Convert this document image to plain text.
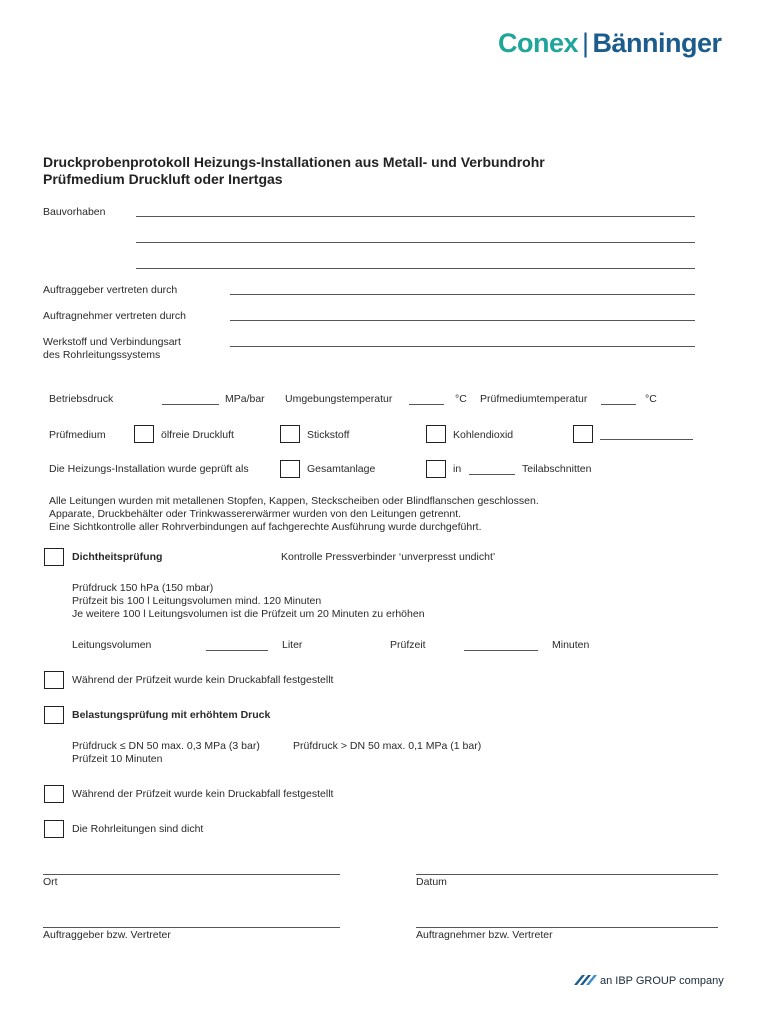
Conex | Bänninger
Druckprobenprotokoll Heizungs-Installationen aus Metall- und Verbundrohr
Prüfmedium Druckluft oder Inertgas
Bauvorhaben
Auftraggeber vertreten durch
Auftragnehmer vertreten durch
Werkstoff und Verbindungsart
des Rohrleitungssystems
Betriebsdruck	MPa/bar Umgebungstemperatur	°C Prüfmediumtemperatur	°C
Prüfmedium	ölfreie Druckluft	Stickstoff	Kohlendioxid
Die Heizungs-Installation wurde geprüft als	Gesamtanlage	in	Teilabschnitten
Alle Leitungen wurden mit metallenen Stopfen, Kappen, Steckscheiben oder Blindflanschen geschlossen.
Apparate, Druckbehälter oder Trinkwassererwärmer wurden von den Leitungen getrennt.
Eine Sichtkontrolle aller Rohrverbindungen auf fachgerechte Ausführung wurde durchgeführt.
Dichtheitsprüfung	Kontrolle Pressverbinder ‘unverpresst undicht’
Prüfdruck 150 hPa (150 mbar)
Prüfzeit bis 100 l Leitungsvolumen mind. 120 Minuten
Je weitere 100 l Leitungsvolumen ist die Prüfzeit um 20 Minuten zu erhöhen
Leitungsvolumen	Liter	Prüfzeit	Minuten
Während der Prüfzeit wurde kein Druckabfall festgestellt
Belastungsprüfung mit erhöhtem Druck
Prüfdruck ≤ DN 50 max. 0,3 MPa (3 bar)	Prüfdruck > DN 50 max. 0,1 MPa (1 bar)
Prüfzeit 10 Minuten
Während der Prüfzeit wurde kein Druckabfall festgestellt
Die Rohrleitungen sind dicht
Ort	Datum
Auftraggeber bzw. Vertreter	Auftragnehmer bzw. Vertreter
an IBP GROUP company
